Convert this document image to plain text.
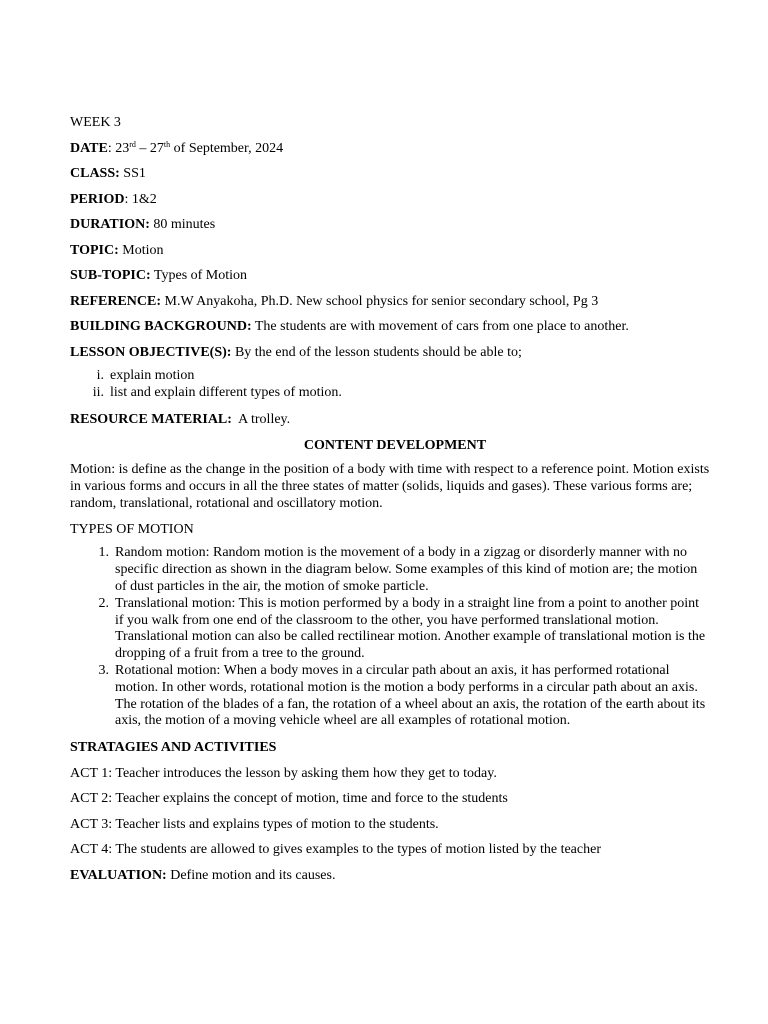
WEEK 3

DATE: 23rd – 27th of September, 2024

CLASS: SS1

PERIOD: 1&2

DURATION: 80 minutes

TOPIC: Motion

SUB-TOPIC: Types of Motion

REFERENCE: M.W Anyakoha, Ph.D. New school physics for senior secondary school, Pg 3

BUILDING BACKGROUND: The students are with movement of cars from one place to another.

LESSON OBJECTIVE(S): By the end of the lesson students should be able to;

i. explain motion
ii. list and explain different types of motion.

RESOURCE MATERIAL:  A trolley.

CONTENT DEVELOPMENT

Motion: is define as the change in the position of a body with time with respect to a reference point. Motion exists in various forms and occurs in all the three states of matter (solids, liquids and gases). These various forms are; random, translational, rotational and oscillatory motion.

TYPES OF MOTION

1. Random motion: Random motion is the movement of a body in a zigzag or disorderly manner with no specific direction as shown in the diagram below. Some examples of this kind of motion are; the motion of dust particles in the air, the motion of smoke particle.
2. Translational motion: This is motion performed by a body in a straight line from a point to another point if you walk from one end of the classroom to the other, you have performed translational motion. Translational motion can also be called rectilinear motion. Another example of translational motion is the dropping of a fruit from a tree to the ground.
3. Rotational motion: When a body moves in a circular path about an axis, it has performed rotational motion. In other words, rotational motion is the motion a body performs in a circular path about an axis. The rotation of the blades of a fan, the rotation of a wheel about an axis, the rotation of the earth about its axis, the motion of a moving vehicle wheel are all examples of rotational motion.

STRATAGIES AND ACTIVITIES

ACT 1: Teacher introduces the lesson by asking them how they get to today.

ACT 2: Teacher explains the concept of motion, time and force to the students

ACT 3: Teacher lists and explains types of motion to the students.

ACT 4: The students are allowed to gives examples to the types of motion listed by the teacher

EVALUATION: Define motion and its causes.
